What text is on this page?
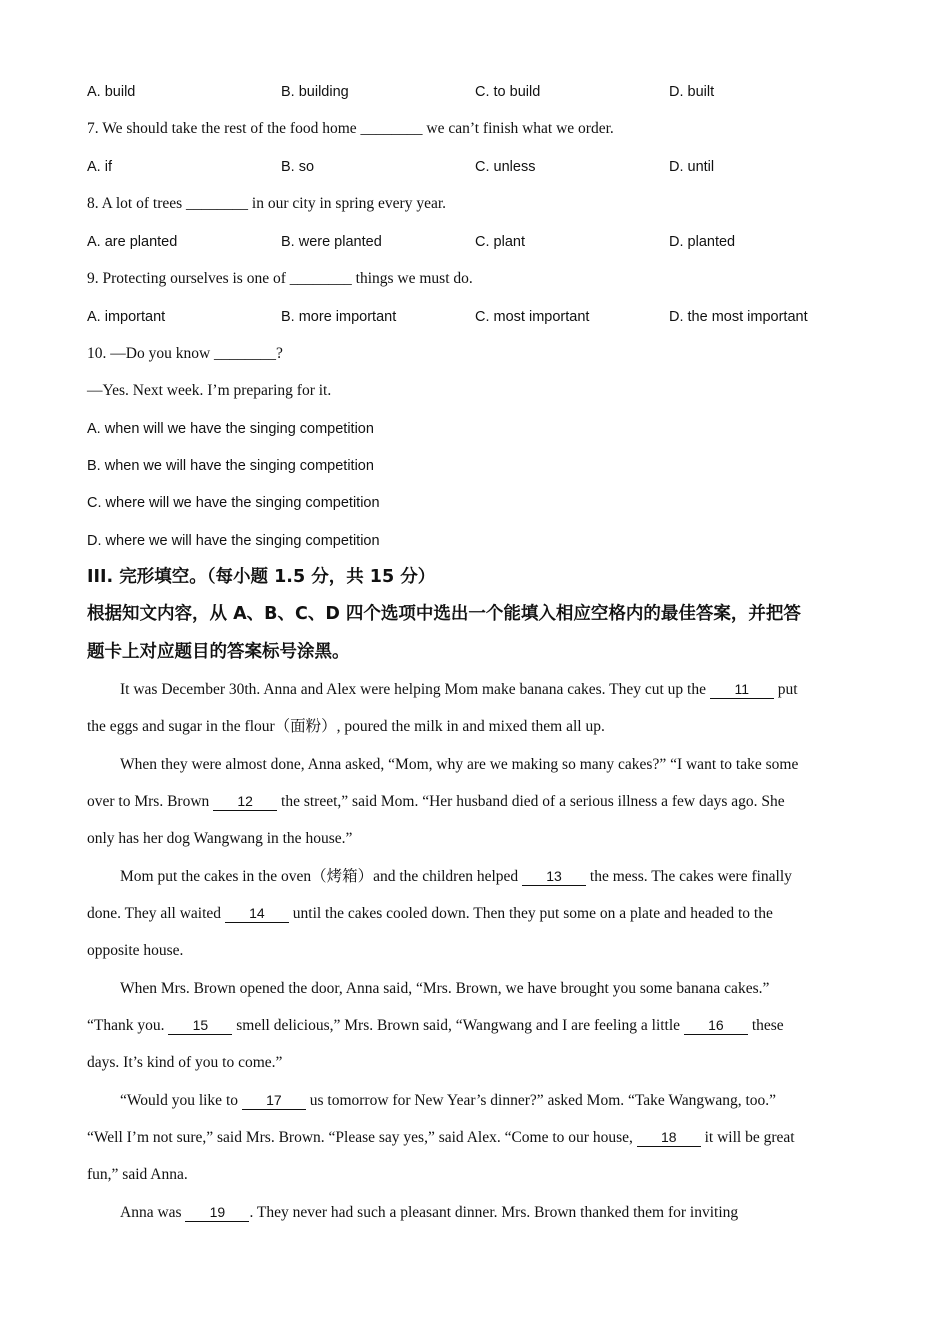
A. build	B. building	C. to build	D. built
7. We should take the rest of the food home ________ we can’t finish what we order.
A. if	B. so	C. unless	D. until
8. A lot of trees ________ in our city in spring every year.
A. are planted	B. were planted	C. plant	D. planted
9. Protecting ourselves is one of ________ things we must do.
A. important	B. more important	C. most important	D. the most important
10. —Do you know ________?
—Yes. Next week. I’m preparing for it.
A. when will we have the singing competition
B. when we will have the singing competition
C. where will we have the singing competition
D. where we will have the singing competition
III. 完形填空。（每小题 1.5 分，共 15 分）
根据知文内容，从 A、B、C、D 四个选项中选出一个能填入相应空格内的最佳答案，并把答
题卡上对应题目的答案标号涂黑。
It was December 30th. Anna and Alex were helping Mom make banana cakes. They cut up the 11 put
the eggs and sugar in the flour（面粉）, poured the milk in and mixed them all up.
When they were almost done, Anna asked, “Mom, why are we making so many cakes?” “I want to take some
over to Mrs. Brown 12 the street,” said Mom. “Her husband died of a serious illness a few days ago. She
only has her dog Wangwang in the house.”
Mom put the cakes in the oven（烤箱）and the children helped 13 the mess. The cakes were finally
done. They all waited 14 until the cakes cooled down. Then they put some on a plate and headed to the
opposite house.
When Mrs. Brown opened the door, Anna said, “Mrs. Brown, we have brought you some banana cakes.”
“Thank you. 15 smell delicious,” Mrs. Brown said, “Wangwang and I are feeling a little 16 these
days. It’s kind of you to come.”
“Would you like to 17 us tomorrow for New Year’s dinner?” asked Mom. “Take Wangwang, too.”
“Well I’m not sure,” said Mrs. Brown. “Please say yes,” said Alex. “Come to our house, 18 it will be great
fun,” said Anna.
Anna was 19 . They never had such a pleasant dinner. Mrs. Brown thanked them for inviting
